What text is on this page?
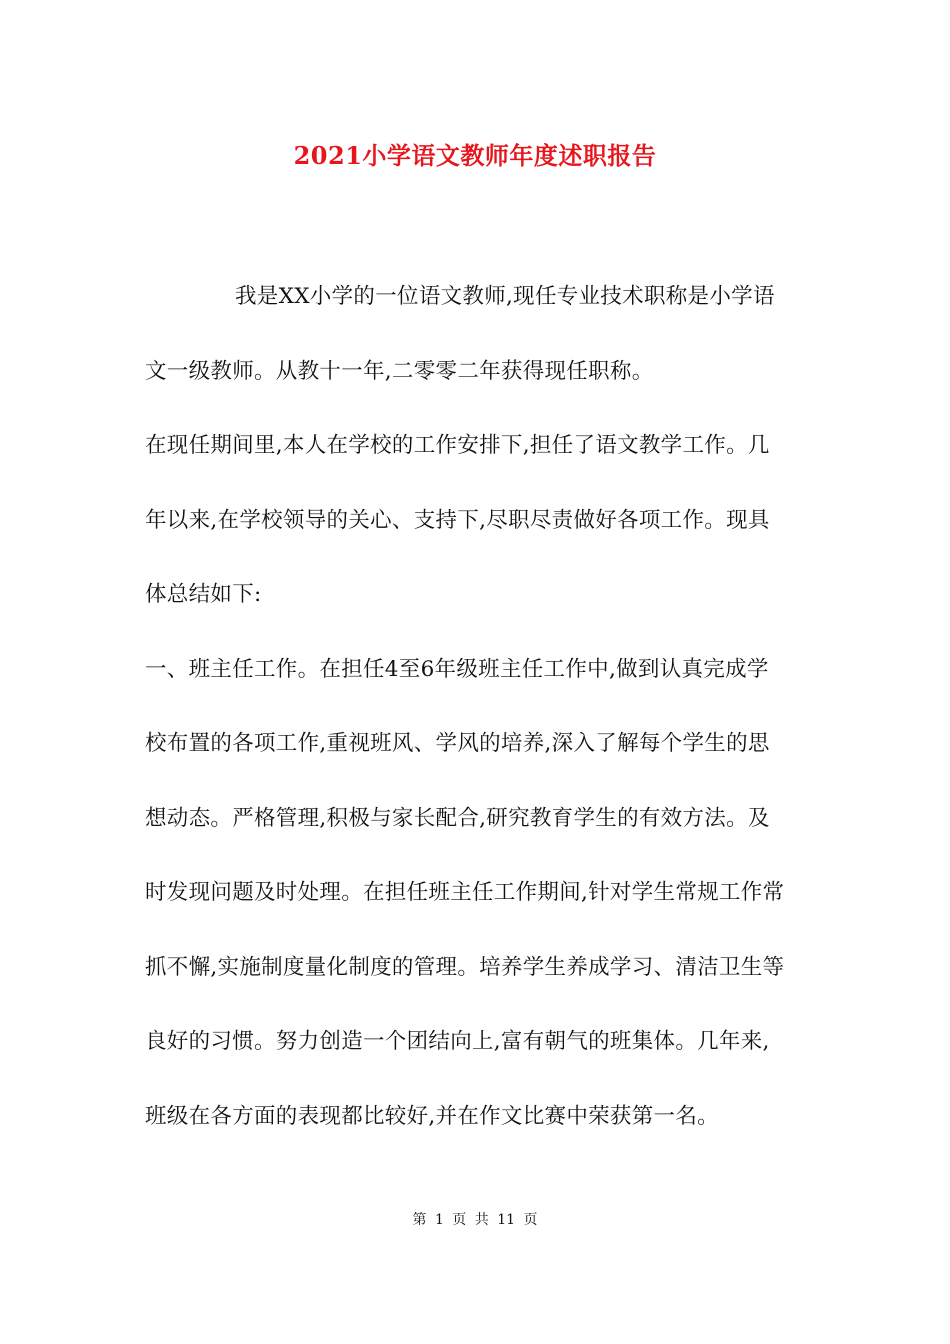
2021小学语文教师年度述职报告
我是XX小学的一位语文教师,现任专业技术职称是小学语
文一级教师。从教十一年,二零零二年获得现任职称。
在现任期间里,本人在学校的工作安排下,担任了语文教学工作。几
年以来,在学校领导的关心、支持下,尽职尽责做好各项工作。现具
体总结如下:
一、班主任工作。在担任4至6年级班主任工作中,做到认真完成学
校布置的各项工作,重视班风、学风的培养,深入了解每个学生的思
想动态。严格管理,积极与家长配合,研究教育学生的有效方法。及
时发现问题及时处理。在担任班主任工作期间,针对学生常规工作常
抓不懈,实施制度量化制度的管理。培养学生养成学习、清洁卫生等
良好的习惯。努力创造一个团结向上,富有朝气的班集体。几年来,
班级在各方面的表现都比较好,并在作文比赛中荣获第一名。
第 1 页 共 11 页
